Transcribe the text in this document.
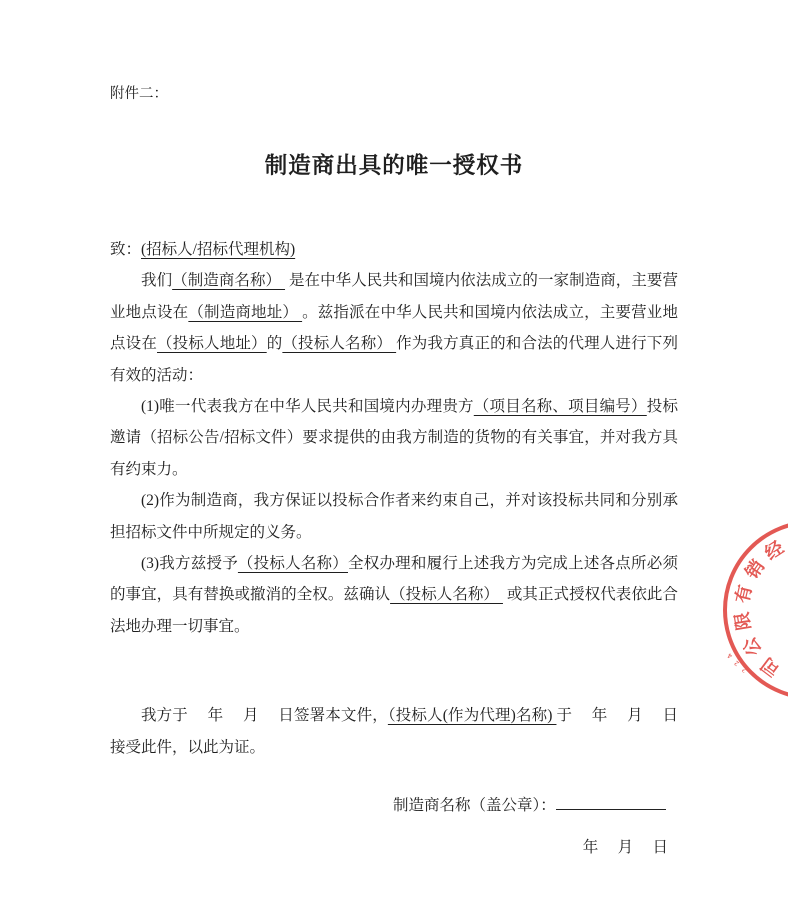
附件二：
制造商出具的唯一授权书
致：(招标人/招标代理机构)
我们（制造商名称）  是在中华人民共和国境内依法成立的一家制造商，主要营业地点设在（制造商地址） 。兹指派在中华人民共和国境内依法成立，主要营业地点设在（投标人地址）的（投标人名称） 作为我方真正的和合法的代理人进行下列有效的活动：
(1)唯一代表我方在中华人民共和国境内办理贵方（项目名称、项目编号）投标邀请（招标公告/招标文件）要求提供的由我方制造的货物的有关事宜，并对我方具有约束力。
(2)作为制造商，我方保证以投标合作者来约束自己，并对该投标共同和分别承担招标文件中所规定的义务。
(3)我方兹授予（投标人名称）全权办理和履行上述我方为完成上述各点所必须的事宜，具有替换或撤消的全权。兹确认（投标人名称）  或其正式授权代表依此合法地办理一切事宜。
我方于　 年　 月　 日签署本文件，（投标人(作为代理)名称) 于　 年　 月　 日接受此件，以此为证。
制造商名称（盖公章）：
年　 月　 日
经
销
有
限
公
司
4
2
2
